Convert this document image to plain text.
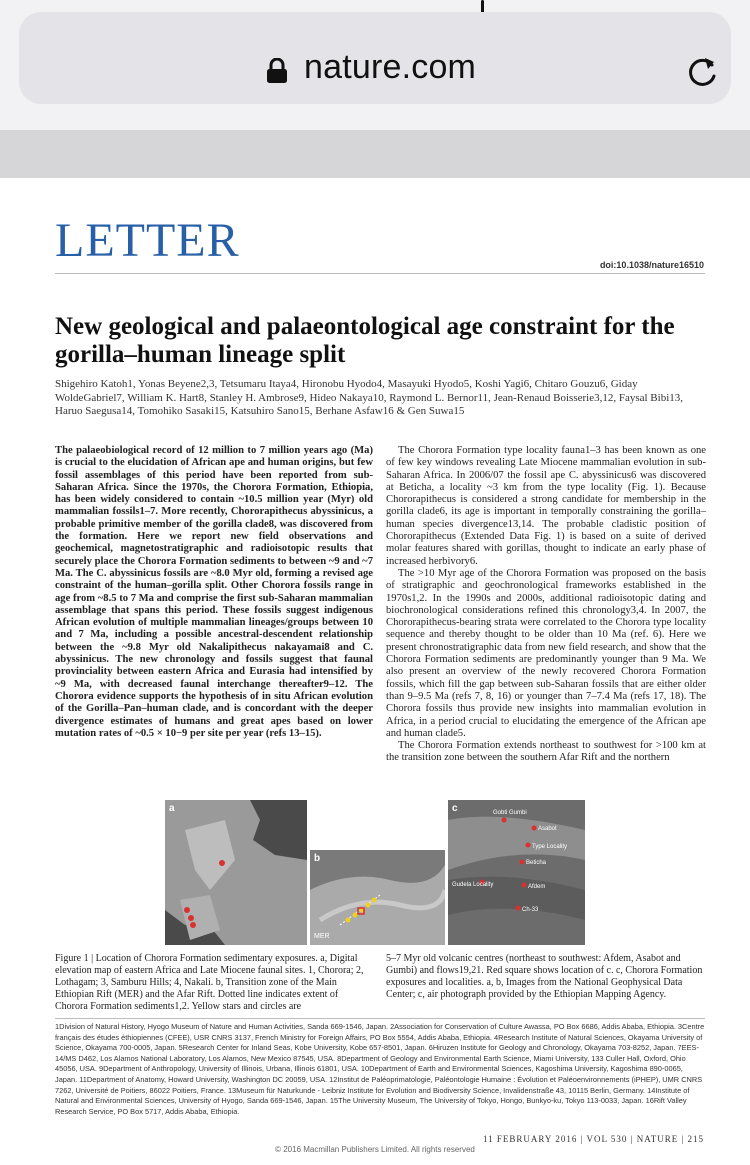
nature.com
LETTER	doi:10.1038/nature16510
New geological and palaeontological age constraint for the gorilla–human lineage split
Shigehiro Katoh1, Yonas Beyene2,3, Tetsumaru Itaya4, Hironobu Hyodo4, Masayuki Hyodo5, Koshi Yagi6, Chitaro Gouzu6, Giday WoldeGabriel7, William K. Hart8, Stanley H. Ambrose9, Hideo Nakaya10, Raymond L. Bernor11, Jean-Renaud Boisserie3,12, Faysal Bibi13, Haruo Saegusa14, Tomohiko Sasaki15, Katsuhiro Sano15, Berhane Asfaw16 & Gen Suwa15

The palaeobiological record of 12 million to 7 million years ago (Ma) is crucial to the elucidation of African ape and human origins, but few fossil assemblages of this period have been reported from sub-Saharan Africa. Since the 1970s, the Chorora Formation, Ethiopia, has been widely considered to contain ~10.5 million year (Myr) old mammalian fossils1–7. More recently, Chororapithecus abyssinicus, a probable primitive member of the gorilla clade8, was discovered from the formation. Here we report new field observations and geochemical, magnetostratigraphic and radioisotopic results that securely place the Chorora Formation sediments to between ~9 and ~7 Ma. The C. abyssinicus fossils are ~8.0 Myr old, forming a revised age constraint of the human–gorilla split. Other Chorora fossils range in age from ~8.5 to 7 Ma and comprise the first sub-Saharan mammalian assemblage that spans this period. These fossils suggest indigenous African evolution of multiple mammalian lineages/groups between 10 and 7 Ma, including a possible ancestral-descendent relationship between the ~9.8 Myr old Nakalipithecus nakayamai8 and C. abyssinicus. The new chronology and fossils suggest that faunal provinciality between eastern Africa and Eurasia had intensified by ~9 Ma, with decreased faunal interchange thereafter9–12. The Chorora evidence supports the hypothesis of in situ African evolution of the Gorilla–Pan–human clade, and is concordant with the deeper divergence estimates of humans and great apes based on lower mutation rates of ~0.5 × 10−9 per site per year (refs 13–15).

The Chorora Formation type locality fauna1–3 has been known as one of few key windows revealing Late Miocene mammalian evolution in sub-Saharan Africa. In 2006/07 the fossil ape C. abyssinicus6 was discovered at Beticha, a locality ~3 km from the type locality (Fig. 1). Because Chororapithecus is considered a strong candidate for membership in the gorilla clade6, its age is important in temporally constraining the gorilla–human species divergence13,14. The probable cladistic position of Chororapithecus (Extended Data Fig. 1) is based on a suite of derived molar features shared with gorillas, thought to indicate an early phase of increased herbivory6.

The >10 Myr age of the Chorora Formation was proposed on the basis of stratigraphic and geochronological frameworks established in the 1970s1,2. In the 1990s and 2000s, additional radioisotopic dating and biochronological considerations refined this chronology3,4. In 2007, the Chororapithecus-bearing strata were correlated to the Chorora type locality sequence and thereby thought to be older than 10 Ma (ref. 6). Here we present chronostratigraphic data from new field research, and show that the Chorora Formation sediments are predominantly younger than 9 Ma. We also present an overview of the newly recovered Chorora Formation fossils, which fill the gap between sub-Saharan fossils that are either older than 9–9.5 Ma (refs 7, 8, 16) or younger than 7–7.4 Ma (refs 17, 18). The Chorora fossils thus provide new insights into mammalian evolution in Africa, in a period crucial to elucidating the emergence of the African ape and human clade5.

The Chorora Formation extends northeast to southwest for >100 km at the transition zone between the southern Afar Rift and the northern

a
MER
b
Gobti Gumbi
Asabot
Type Locality
Beticha
Gudela Locality	Afdem
Ch-33
c
Figure 1 | Location of Chorora Formation sedimentary exposures. a, Digital elevation map of eastern Africa and Late Miocene faunal sites. 1, Chorora; 2, Lothagam; 3, Samburu Hills; 4, Nakali. b, Transition zone of the Main Ethiopian Rift (MER) and the Afar Rift. Dotted line indicates extent of Chorora Formation sediments1,2. Yellow stars and circles are
5–7 Myr old volcanic centres (northeast to southwest: Afdem, Asabot and Gumbi) and flows19,21. Red square shows location of c. c, Chorora Formation exposures and localities. a, b, Images from the National Geophysical Data Center; c, air photograph provided by the Ethiopian Mapping Agency.
1Division of Natural History, Hyogo Museum of Nature and Human Activities, Sanda 669-1546, Japan. 2Association for Conservation of Culture Awassa, PO Box 6686, Addis Ababa, Ethiopia. 3Centre français des études éthiopiennes (CFEE), USR CNRS 3137, French Ministry for Foreign Affairs, PO Box 5554, Addis Ababa, Ethiopia. 4Research Institute of Natural Sciences, Okayama University of Science, Okayama 700-0005, Japan. 5Research Center for Inland Seas, Kobe University, Kobe 657-8501, Japan. 6Hiruzen Institute for Geology and Chronology, Okayama 703-8252, Japan. 7EES-14/MS D462, Los Alamos National Laboratory, Los Alamos, New Mexico 87545, USA. 8Department of Geology and Environmental Earth Science, Miami University, 133 Culler Hall, Oxford, Ohio 45056, USA. 9Department of Anthropology, University of Illinois, Urbana, Illinois 61801, USA. 10Department of Earth and Environmental Sciences, Kagoshima University, Kagoshima 890-0065, Japan. 11Department of Anatomy, Howard University, Washington DC 20059, USA. 12Institut de Paléoprimatologie, Paléontologie Humaine : Évolution et Paléoenvironnements (iPHEP), UMR CNRS 7262, Université de Poitiers, 86022 Poitiers, France. 13Museum für Naturkunde - Leibniz Institute for Evolution and Biodiversity Science, Invalidenstraße 43, 10115 Berlin, Germany. 14Institute of Natural and Environmental Sciences, University of Hyogo, Sanda 669-1546, Japan. 15The University Museum, The University of Tokyo, Hongo, Bunkyo-ku, Tokyo 113-0033, Japan. 16Rift Valley Research Service, PO Box 5717, Addis Ababa, Ethiopia.
11 FEBRUARY 2016 | VOL 530 | NATURE | 215
© 2016 Macmillan Publishers Limited. All rights reserved
